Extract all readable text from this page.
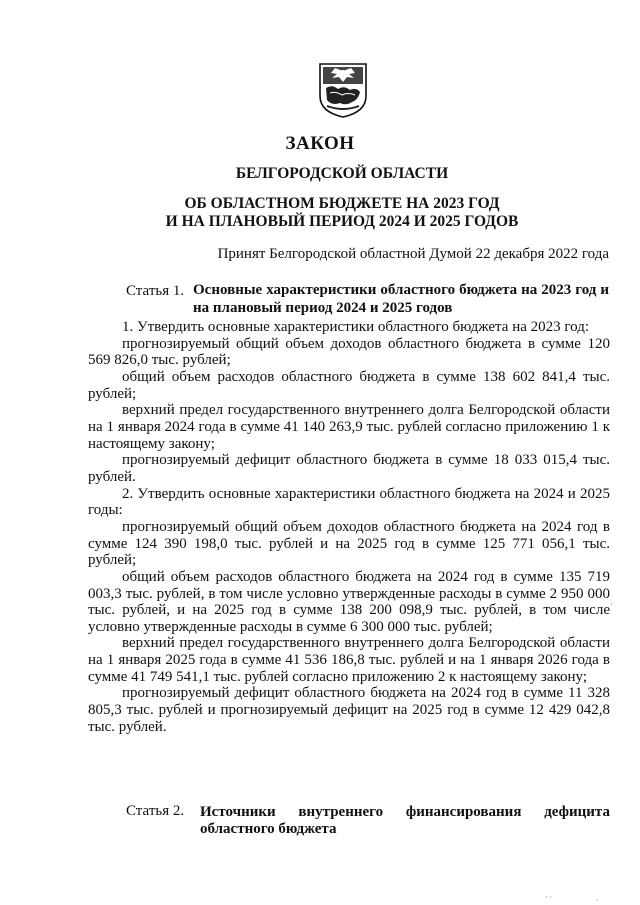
ЗАКОН
БЕЛГОРОДСКОЙ ОБЛАСТИ
ОБ ОБЛАСТНОМ БЮДЖЕТЕ НА 2023 ГОД
И НА ПЛАНОВЫЙ ПЕРИОД 2024 И 2025 ГОДОВ
Принят Белгородской областной Думой 22 декабря 2022 года
Статья 1. Основные характеристики областного бюджета на 2023 год и на плановый период 2024 и 2025 годов

1. Утвердить основные характеристики областного бюджета на 2023 год:

прогнозируемый общий объем доходов областного бюджета в сумме 120 569 826,0 тыс. рублей;

общий объем расходов областного бюджета в сумме 138 602 841,4 тыс. рублей;

верхний предел государственного внутреннего долга Белгородской области на 1 января 2024 года в сумме 41 140 263,9 тыс. рублей согласно приложению 1 к настоящему закону;

прогнозируемый дефицит областного бюджета в сумме 18 033 015,4 тыс. рублей.

2. Утвердить основные характеристики областного бюджета на 2024 и 2025 годы:

прогнозируемый общий объем доходов областного бюджета на 2024 год в сумме 124 390 198,0 тыс. рублей и на 2025 год в сумме 125 771 056,1 тыс. рублей;

общий объем расходов областного бюджета на 2024 год в сумме 135 719 003,3 тыс. рублей, в том числе условно утвержденные расходы в сумме 2 950 000 тыс. рублей, и на 2025 год в сумме 138 200 098,9 тыс. рублей, в том числе условно утвержденные расходы в сумме 6 300 000 тыс. рублей;

верхний предел государственного внутреннего долга Белгородской области на 1 января 2025 года в сумме 41 536 186,8 тыс. рублей и на 1 января 2026 года в сумме 41 749 541,1 тыс. рублей согласно приложению 2 к настоящему закону;

прогнозируемый дефицит областного бюджета на 2024 год в сумме 11 328 805,3 тыс. рублей и прогнозируемый дефицит на 2025 год в сумме 12 429 042,8 тыс. рублей.

Статья 2. Источники внутреннего финансирования дефицита
областного бюджета
·
· ·	·
